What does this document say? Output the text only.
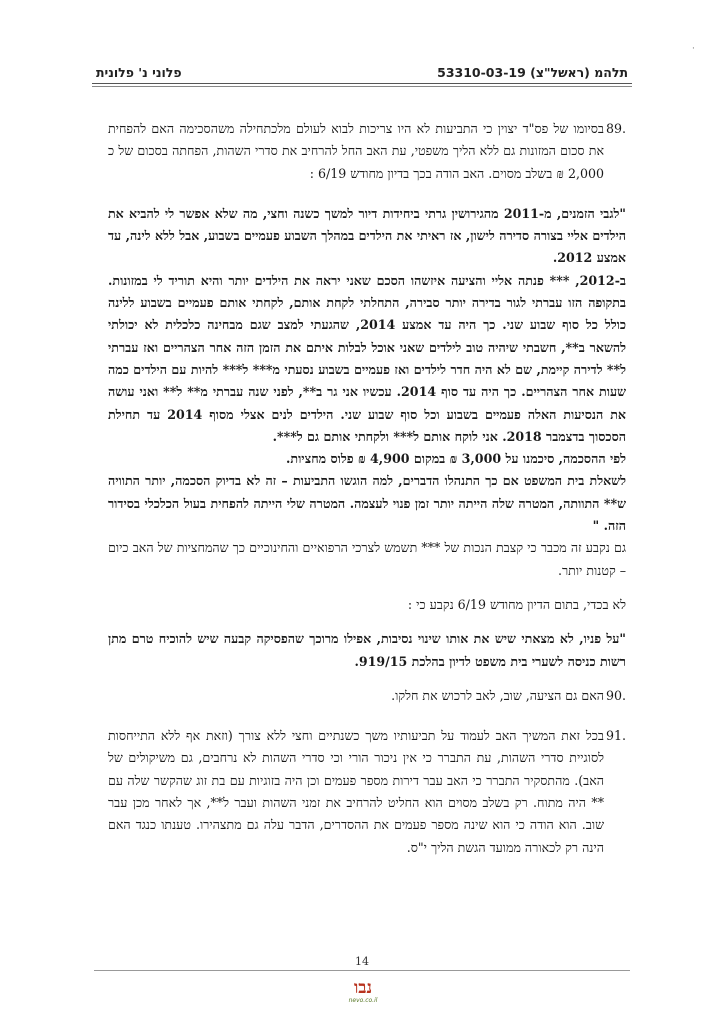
·
תלהמ (ראשל"צ) 53310-03-19
פלוני נ' פלונית
.89
בסיומו של פס"ד יצוין כי התביעות לא היו צריכות לבוא לעולם מלכתחילה משהסכימה האם להפחית את סכום המזונות גם ללא הליך משפטי, עת האב החל להרחיב את סדרי השהות, הפחתה בסכום של כ 2,000 ₪ בשלב מסוים. האב הודה בכך בדיון מחודש 6/19 :
"לגבי הזמנים, מ-2011 מהגירושין גרתי ביחידות דיור למשך כשנה וחצי, מה שלא אפשר לי להביא את הילדים אליי בצורה סדירה לישון, אז ראיתי את הילדים במהלך השבוע פעמיים בשבוע, אבל ללא לינה, עד אמצע 2012.
ב-2012, *** פנתה אליי והציעה איזשהו הסכם שאני יראה את הילדים יותר והיא תוריד לי במזונות. בתקופה הזו עברתי לגור בדירה יותר סבירה, התחלתי לקחת אותם, לקחתי אותם פעמיים בשבוע ללינה כולל כל סוף שבוע שני. כך היה עד אמצע 2014, שהגעתי למצב שגם מבחינה כלכלית לא יכולתי להשאר ב**, חשבתי שיהיה טוב לילדים שאני אוכל לבלות איתם את הזמן הזה אחר הצהריים ואז עברתי ל** לדירה קיימת, שם לא היה חדר לילדים ואז פעמיים בשבוע נסעתי מ*** ל*** להיות עם הילדים כמה שעות אחר הצהריים. כך היה עד סוף 2014. עכשיו אני גר ב**, לפני שנה עברתי מ** ל** ואני עושה את הנסיעות האלה פעמיים בשבוע וכל סוף שבוע שני. הילדים לנים אצלי מסוף 2014 עד תחילת הסכסוך בדצמבר 2018. אני לוקח אותם ל*** ולקחתי אותם גם ל***.
לפי ההסכמה, סיכמנו על 3,000 ₪ במקום 4,900 ₪ פלוס מחציות.
לשאלת בית המשפט אם כך התנהלו הדברים, למה הוגשו התביעות – זה לא בדיוק הסכמה, יותר התוויה ש** התוותה, המטרה שלה הייתה יותר זמן פנוי לעצמה. המטרה שלי הייתה להפחית בעול הכלכלי בסידור הזה. "
גם נקבע זה מכבר כי קצבת הנכות של *** תשמש לצרכי הרפואיים והחינוכיים כך שהמחציות של האב כיום – קטנות יותר.
לא בכדי, בתום הדיון מחודש 6/19 נקבע כי :
"על פניו, לא מצאתי שיש את אותו שינוי נסיבות, אפילו מרוכך שהפסיקה קבעה שיש להוכיח טרם מתן רשות כניסה לשערי בית משפט לדיון בהלכת 919/15.
.90
האם גם הציעה, שוב, לאב לרכוש את חלקו.
.91
בכל זאת המשיך האב לעמוד על תביעותיו משך כשנתיים וחצי ללא צורך (וזאת אף ללא התייחסות לסוגיית סדרי השהות, עת התברר כי אין ניכור הורי וכי סדרי השהות לא נרחבים, גם משיקולים של האב). מהתסקיר התברר כי האב עבר דירות מספר פעמים וכן היה בזוגיות עם בת זוג שהקשר שלה עם ** היה מתוח. רק בשלב מסוים הוא החליט להרחיב את זמני השהות ועבר ל**, אך לאחר מכן עבר שוב. הוא הודה כי הוא שינה מספר פעמים את ההסדרים, הדבר עלה גם מתצהירו. טענתו כנגד האם הינה רק לכאורה ממועד הגשת הליך י"ס.
14
נבו
nevo.co.il
